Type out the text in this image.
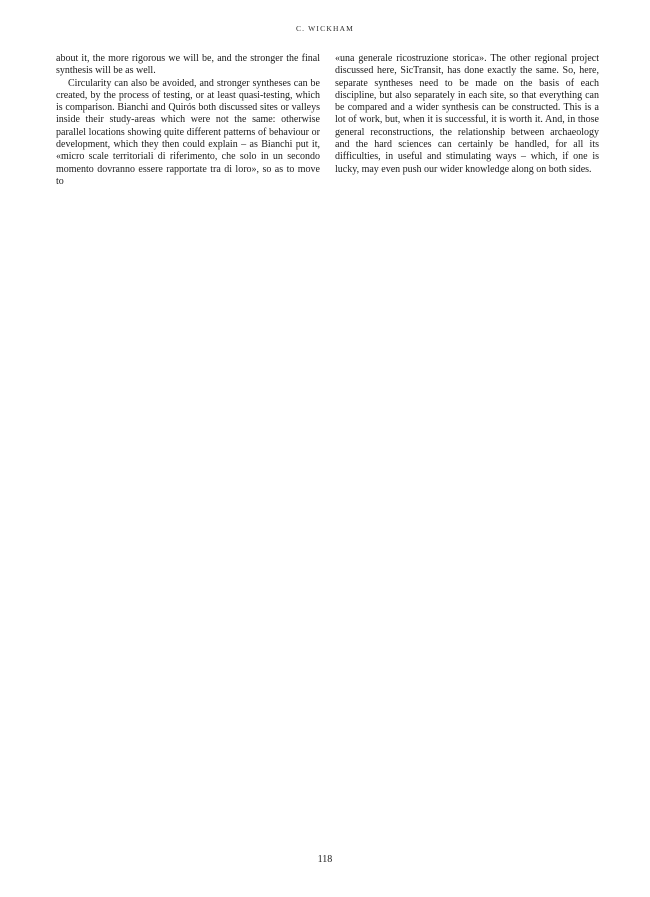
C. WICKHAM

about it, the more rigorous we will be, and the stronger the final synthesis will be as well.

Circularity can also be avoided, and stronger syntheses can be created, by the process of testing, or at least quasi-testing, which is comparison. Bianchi and Quirós both discussed sites or valleys inside their study-areas which were not the same: otherwise parallel locations showing quite different patterns of behaviour or development, which they then could explain – as Bianchi put it, «micro scale territoriali di riferimento, che solo in un secondo momento dovranno essere rapportate tra di loro», so as to move to

«una generale ricostruzione storica». The other regional project discussed here, SicTransit, has done exactly the same. So, here, separate syntheses need to be made on the basis of each discipline, but also separately in each site, so that everything can be compared and a wider synthesis can be constructed. This is a lot of work, but, when it is successful, it is worth it. And, in those general reconstructions, the relationship between archaeology and the hard sciences can certainly be handled, for all its difficulties, in useful and stimulating ways – which, if one is lucky, may even push our wider knowledge along on both sides.

118
